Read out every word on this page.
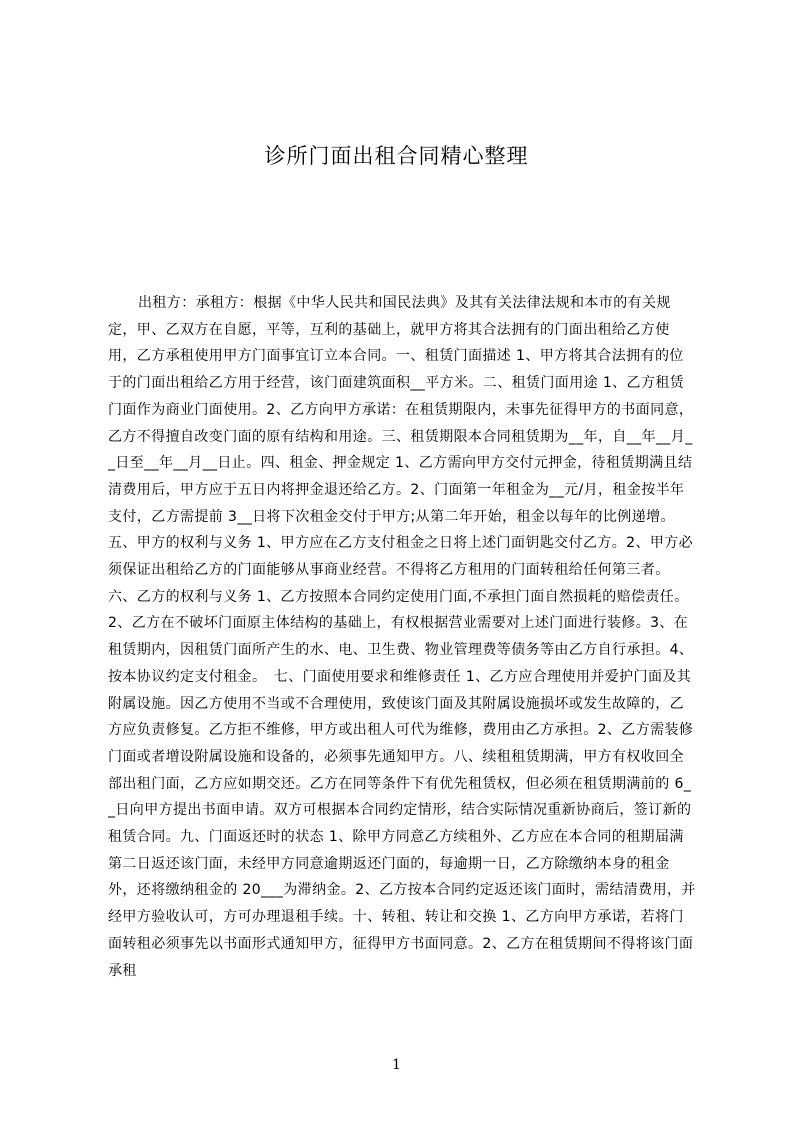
诊所门面出租合同精心整理

出租方：承租方：根据《中华人民共和国民法典》及其有关法律法规和本市的有关规定，甲、乙双方在自愿，平等，互利的基础上，就甲方将其合法拥有的门面出租给乙方使用，乙方承租使用甲方门面事宜订立本合同。一、租赁门面描述 1、甲方将其合法拥有的位于的门面出租给乙方用于经营，该门面建筑面积__平方米。二、租赁门面用途 1、乙方租赁门面作为商业门面使用。2、乙方向甲方承诺：在租赁期限内，未事先征得甲方的书面同意，乙方不得擅自改变门面的原有结构和用途。三、租赁期限本合同租赁期为__年，自__年__月__日至__年__月__日止。四、租金、押金规定 1、乙方需向甲方交付元押金，待租赁期满且结清费用后，甲方应于五日内将押金退还给乙方。2、门面第一年租金为__元/月，租金按半年支付，乙方需提前 3__日将下次租金交付于甲方;从第二年开始，租金以每年的比例递增。五、甲方的权利与义务 1、甲方应在乙方支付租金之日将上述门面钥匙交付乙方。2、甲方必须保证出租给乙方的门面能够从事商业经营。不得将乙方租用的门面转租给任何第三者。六、乙方的权利与义务 1、乙方按照本合同约定使用门面,不承担门面自然损耗的赔偿责任。　2、乙方在不破坏门面原主体结构的基础上，有权根据营业需要对上述门面进行装修。3、在租赁期内，因租赁门面所产生的水、电、卫生费、物业管理费等债务等由乙方自行承担。4、按本协议约定支付租金。　七、门面使用要求和维修责任 1、乙方应合理使用并爱护门面及其附属设施。因乙方使用不当或不合理使用，致使该门面及其附属设施损坏或发生故障的，乙方应负责修复。乙方拒不维修，甲方或出租人可代为维修，费用由乙方承担。2、乙方需装修门面或者增设附属设施和设备的，必须事先通知甲方。八、续租租赁期满，甲方有权收回全部出租门面，乙方应如期交还。乙方在同等条件下有优先租赁权，但必须在租赁期满前的 6__日向甲方提出书面申请。双方可根据本合同约定情形，结合实际情况重新协商后，签订新的租赁合同。九、门面返还时的状态 1、除甲方同意乙方续租外、乙方应在本合同的租期届满第二日返还该门面，未经甲方同意逾期返还门面的，每逾期一日，乙方除缴纳本身的租金外，还将缴纳租金的 20___为滞纳金。2、乙方按本合同约定返还该门面时，需结清费用，并经甲方验收认可，方可办理退租手续。十、转租、转让和交换 1、乙方向甲方承诺，若将门面转租必须事先以书面形式通知甲方，征得甲方书面同意。2、乙方在租赁期间不得将该门面承租

1
